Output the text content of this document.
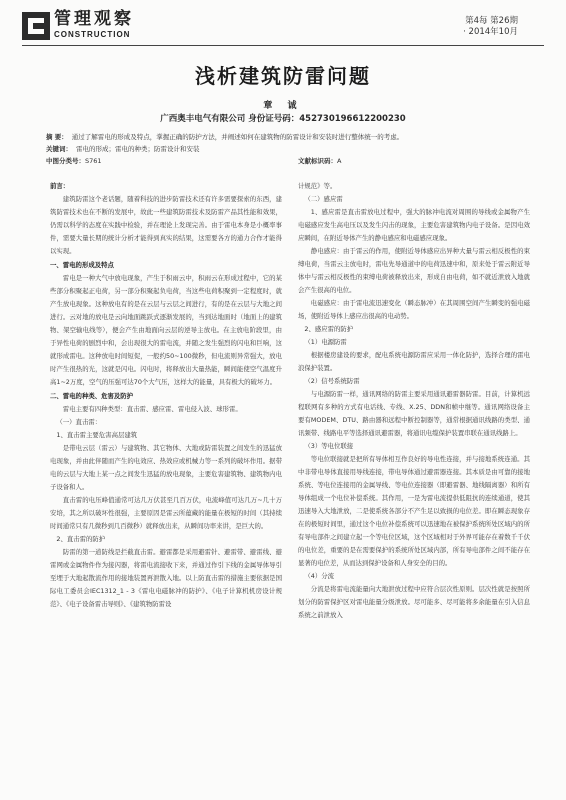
管理观察
CONSTRUCTION
第4每 第26期
· 2014年10月
浅析建筑防雷问题
章 诚
广西奥丰电气有限公司 身份证号码：452730196612200230
摘 要： 通过了解雷电的形成及特点，掌握正确的防护方法，并阐述如何在建筑物的防雷设计和安装时进行整体统一的考虑。
关键词： 雷电的形成；雷电的种类；防雷设计和安装
中图分类号：S761	文献标识码：A

前言：

建筑防雷这个老话题，随着科技的进步防雷技术还有许多需要探索的东西，建筑防雷技术也在不断的发展中，故此一些建筑防雷技术及防雷产品其性能和效果，仍需以科学的态度在实践中检验，并在理论上发现完善。由于雷电本身是小概率事件，需要大量长期的统计分析才能得到真实的结果，这需要各方的通力合作才能得以实现。

一、雷电的形成及特点

雷电是一种大气中放电现象，产生于积雨云中，积雨云在形成过程中，它的某些部分积聚起正电荷，另一部分积聚起负电荷，当这些电荷积聚到一定程度时，就产生放电现象。这种放电有的是在云层与云层之间进行，有的是在云层与大地之间进行。云对地的放电是云向地面跳跃式逐渐发展的，当到达地面时（地面上的建筑物、架空输电线等），便会产生由地面向云层的逆导主放电。在主放电阶段里，由于异性电荷的剧烈中和，会出现很大的雷电流，并随之发生强烈的闪电和巨响，这就形成雷电。这种放电时间短促，一般约50~100微秒，但电流则异常强大，放电时产生很热的光，这就是闪电。闪电时，将释放出大量热能，瞬间能使空气温度升高1~2万度，空气的压强可达70个大气压，这样大的能量，具有极大的破坏力。

二、雷电的种类、危害及防护

雷电主要有四种类型：直击雷、感应雷、雷电侵入波、球形雷。

（一）直击雷：

1、直击雷主要危害高层建筑

是带电云层（雷云）与建筑物、其它物体、大地或防雷装置之间发生的迅猛放电现象，并由此伴随而产生的电效应、热效应或机械力等一系列的破坏作用。据带电的云层与大地上某一点之间发生迅猛的放电现象，主要危害建筑物、建筑物内电子设备和人。

直击雷的电压峰值通常可达几万伏甚至几百万伏，电流峰值可达几万~几十万安培，其之所以破坏性很强，主要原因是雷云所蕴藏的能量在极短的时间（其持续时间通常只有几微秒到几百微秒）就释放出来，从瞬间功率来讲，是巨大的。

2、直击雷的防护

防雷的第一道防线是拦截直击雷。避雷都是采用避雷针、避雷带、避雷线、避雷网或金属物件作为接闪器，将雷电流接收下来，并通过作引下线的金属导体导引至埋于大地起散流作用的接地装置再泄散入地。以上防直击雷的措施主要依据是国际电工委员会IEC1312_1 - 3《雷电电磁脉冲的防护》、《电子计算机机房设计规范》、《电子设备雷击导则》、《建筑物防雷设

计规范》等。

（二）感应雷

1、感应雷是直击雷放电过程中，强大的脉冲电流对周围的导线或金属物产生电磁感应发生高电压以及发生闪击的现象，主要危害建筑物内电子设备。是因电效应瞬间，在附近导体产生的静电感应和电磁感应现象。

静电感应：由于雷云的作用，使附近导体感应出异种大量与雷云相反极性的束缚电荷，当雷云主放电时，雷电先导通道中的电荷迅速中和，原来处于雷云附近导体中与雷云相反极性的束缚电荷被释放出来，形成自由电荷，如不就近泄放入地就会产生很高的电位。

电磁感应：由于雷电流迅速变化（瞬态脉冲）在其周围空间产生瞬变的强电磁场，使附近导体上感应出很高的电动势。

2、感应雷的防护

（1）电源防雷

根据楼房建设的要求，配电系统电源防雷应采用一体化防护，选择合理的雷电浪保护装置。

（2）信号系统防雷

与电源防雷一样，通讯网络的防雷主要采用通讯避雷器防雷。目前，计算机远程联网有多种的方式有电话线、专线、X.25、DDN和帧中继等。通讯网络设备主要有MODEM、DTU、路由器和远程中断控制器等，通常根据通讯线路的类型、通讯频带、线路电平等选择通讯避雷器，将通讯电缆保护装置串联在通讯线路上。

（3）等电位联接

等电位联接就是把所有导体相互作良好的导电性连接，并与接地系统连通。其中非带电导体直接用导线连接，带电导体通过避雷器连接。其本质是由可靠的接地系统、等电位连接用的金属导线、等电位连接器（即避雷器、地线隔离器）和所有导体组成一个电位补偿系统。其作用，一是为雷电流提供低阻抗的连续通道，使其迅速导入大地泄放，二是使系统各部分不产生足以致损的电位差。即在瞬态现象存在的极短时间里，通过这个电位补偿系统可以迅速地在被保护系统所处区域内的所有导电部件之间建立起一个等电位区域，这个区域相对于外界可能存在着数千千伏的电位差，重要的是在需要保护的系统所处区域内部，所有导电部件之间不能存在显著的电位差，从而达到保护设备和人身安全的目的。

（4）分流

分流是将雷电流能量向大地泄放过程中应符合层次性原则。层次性就是按照所划分的防雷保护区对雷电能量分级泄放。尽可能多、尽可能将多余能量在引入信息系统之前泄放入
